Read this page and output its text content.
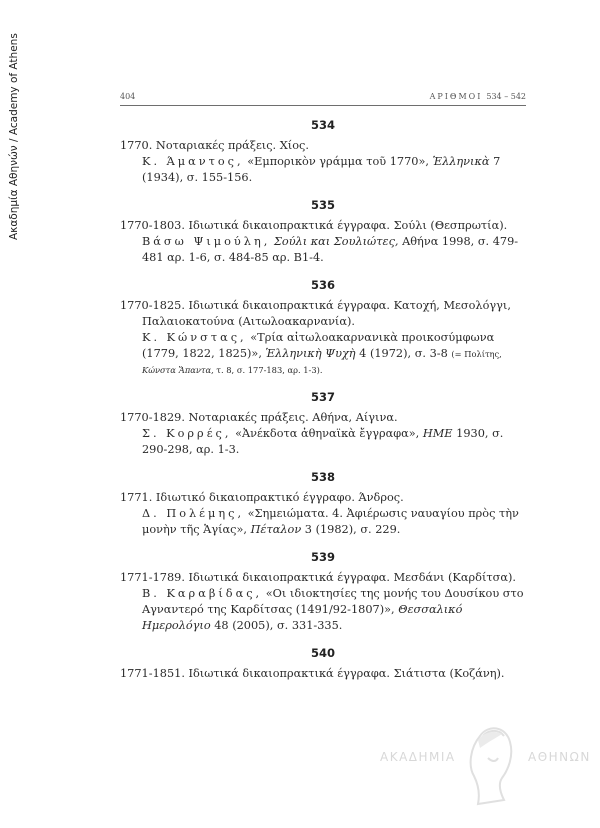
Ακαδημία Αθηνών / Academy of Athens	404	ΑΡΙΘΜΟΙ 534 – 542
534
1770. Νοταριακές πράξεις. Χίος.
Κ. Άμαντος, «Εμπορικὸν γράμμα τοῦ 1770», Ἑλληνικὰ 7 (1934), σ. 155-156.
535
1770-1803. Ιδιωτικά δικαιοπρακτικά έγγραφα. Σούλι (Θεσπρωτία).
Βάσω Ψιμούλη, Σούλι και Σουλιώτες, Αθήνα 1998, σ. 479-481 αρ. 1-6, σ. 484-85 αρ. Β1-4.
536
1770-1825. Ιδιωτικά δικαιοπρακτικά έγγραφα. Κατοχή, Μεσολόγγι, Παλαιοκατούνα (Αιτωλοακαρνανία).
Κ. Κώνστας, «Τρία αἰτωλοακαρνανικὰ προικοσύμφωνα (1779, 1822, 1825)», Ἑλληνικὴ Ψυχὴ 4 (1972), σ. 3-8 (= Πολίτης, Κώνστα Ἅπαντα, τ. 8, σ. 177-183, αρ. 1-3).
537
1770-1829. Νοταριακές πράξεις. Αθήνα, Αίγινα.
Σ. Κορρές, «Ἀνέκδοτα ἀθηναϊκὰ ἔγγραφα», ΗΜΕ 1930, σ. 290-298, αρ. 1-3.
538
1771. Ιδιωτικό δικαιοπρακτικό έγγραφο. Άνδρος.
Δ. Πολέμης, «Σημειώματα. 4. Ἀφιέρωσις ναυαγίου πρὸς τὴν μονὴν τῆς Ἁγίας», Πέταλον 3 (1982), σ. 229.
539
1771-1789. Ιδιωτικά δικαιοπρακτικά έγγραφα. Μεσδάνι (Καρδίτσα).
Β. Καραβίδας, «Οι ιδιοκτησίες της μονής του Δουσίκου στο Αγναντερό της Καρδίτσας (1491/92-1807)», Θεσσαλικό Ημερολόγιο 48 (2005), σ. 331-335.
540
1771-1851. Ιδιωτικά δικαιοπρακτικά έγγραφα. Σιάτιστα (Κοζάνη).
ΑΚΑΔΗΜΙΑ	ΑΘΗΝΩΝ
